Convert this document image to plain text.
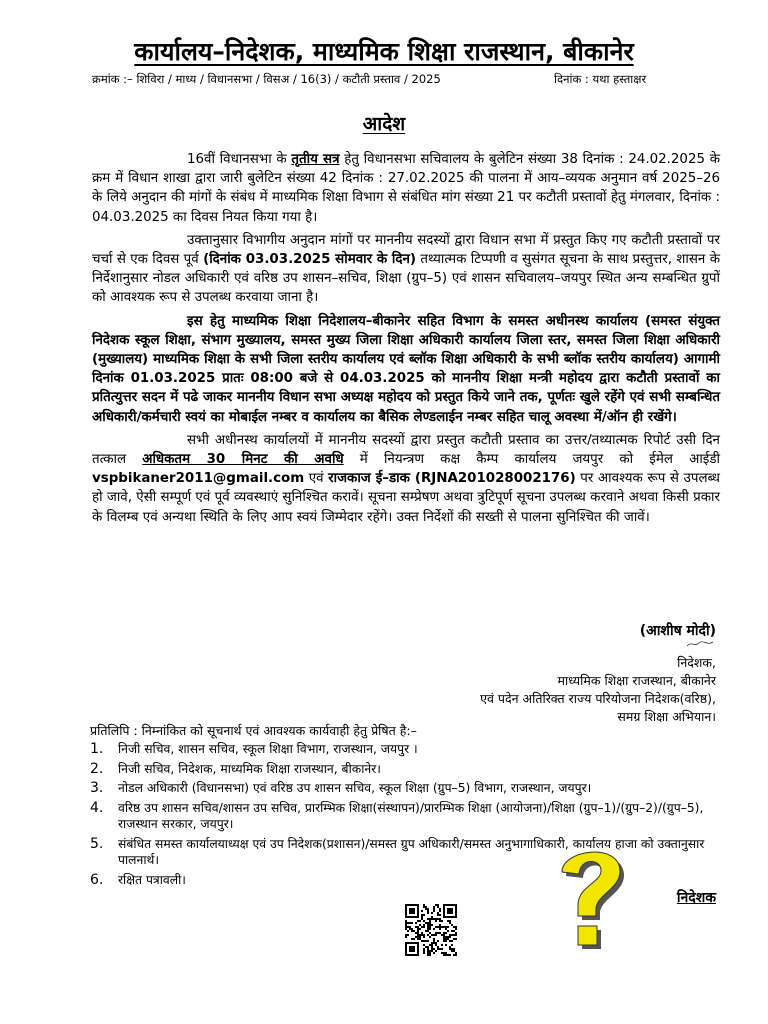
कार्यालय–निदेशक, माध्यमिक शिक्षा राजस्थान, बीकानेर
क्रमांक :– शिविरा / माध्य / विधानसभा / विसअ / 16(3) / कटौती प्रस्ताव / 2025	दिनांक : यथा हस्ताक्षर
आदेश

16वीं विधानसभा के तृतीय सत्र हेतु विधानसभा सचिवालय के बुलेटिन संख्या 38 दिनांक : 24.02.2025 के क्रम में विधान शाखा द्वारा जारी बुलेटिन संख्या 42 दिनांक : 27.02.2025 की पालना में आय–व्ययक अनुमान वर्ष 2025–26 के लिये अनुदान की मांगों के संबंध में माध्यमिक शिक्षा विभाग से संबंधित मांग संख्या 21 पर कटौती प्रस्तावों हेतु मंगलवार, दिनांक : 04.03.2025 का दिवस नियत किया गया है।

उक्तानुसार विभागीय अनुदान मांगों पर माननीय सदस्यों द्वारा विधान सभा में प्रस्तुत किए गए कटौती प्रस्तावों पर चर्चा से एक दिवस पूर्व (दिनांक 03.03.2025 सोमवार के दिन) तथ्यात्मक टिप्पणी व सुसंगत सूचना के साथ प्रस्तुत्तर, शासन के निर्देशानुसार नोडल अधिकारी एवं वरिष्ठ उप शासन–सचिव, शिक्षा (ग्रुप–5) एवं शासन सचिवालय–जयपुर स्थित अन्य सम्बन्धित ग्रुपों को आवश्यक रूप से उपलब्ध करवाया जाना है।

इस हेतु माध्यमिक शिक्षा निदेशालय–बीकानेर सहित विभाग के समस्त अधीनस्थ कार्यालय (समस्त संयुक्त निदेशक स्कूल शिक्षा, संभाग मुख्यालय, समस्त मुख्य जिला शिक्षा अधिकारी कार्यालय जिला स्तर, समस्त जिला शिक्षा अधिकारी (मुख्यालय) माध्यमिक शिक्षा के सभी जिला स्तरीय कार्यालय एवं ब्लॉक शिक्षा अधिकारी के सभी ब्लॉक स्तरीय कार्यालय) आगामी दिनांक 01.03.2025 प्रातः 08:00 बजे से 04.03.2025 को माननीय शिक्षा मन्त्री महोदय द्वारा कटौती प्रस्तावों का प्रतित्युत्तर सदन में पढे जाकर माननीय विधान सभा अध्यक्ष महोदय को प्रस्तुत किये जाने तक, पूर्णतः खुले रहेंगे एवं सभी सम्बन्धित अधिकारी/कर्मचारी स्वयं का मोबाईल नम्बर व कार्यालय का बैसिक लेण्डलाईन नम्बर सहित चालू अवस्था में/ऑन ही रखेंगे।

सभी अधीनस्थ कार्यालयों में माननीय सदस्यों द्वारा प्रस्तुत कटौती प्रस्ताव का उत्तर/तथ्यात्मक रिपोर्ट उसी दिन तत्काल अधिकतम 30 मिनट की अवधि में नियन्त्रण कक्ष कैम्प कार्यालय जयपुर को ईमेल आईडी vspbikaner2011@gmail.com एवं राजकाज ई–डाक (RJNA201028002176) पर आवश्यक रूप से उपलब्ध हो जावे, ऐसी सम्पूर्ण एवं पूर्व व्यवस्थाएं सुनिश्चित करावें। सूचना सम्प्रेषण अथवा त्रुटिपूर्ण सूचना उपलब्ध करवाने अथवा किसी प्रकार के विलम्ब एवं अन्यथा स्थिति के लिए आप स्वयं जिम्मेदार रहेंगे। उक्त निर्देशों की सख्ती से पालना सुनिश्चित की जावें।

(आशीष मोदी)
निदेशक,
माध्यमिक शिक्षा राजस्थान, बीकानेर
एवं पदेन अतिरिक्त राज्य परियोजना निदेशक(वरिष्ठ),
समग्र शिक्षा अभियान।
प्रतिलिपि : निम्नांकित को सूचनार्थ एवं आवश्यक कार्यवाही हेतु प्रेषित है:–
1. निजी सचिव, शासन सचिव, स्कूल शिक्षा विभाग, राजस्थान, जयपुर ।
2. निजी सचिव, निदेशक, माध्यमिक शिक्षा राजस्थान, बीकानेर।
3. नोडल अधिकारी (विधानसभा) एवं वरिष्ठ उप शासन सचिव, स्कूल शिक्षा (ग्रुप–5) विभाग, राजस्थान, जयपुर।
4. वरिष्ठ उप शासन सचिव/शासन उप सचिव, प्रारम्भिक शिक्षा(संस्थापन)/प्रारम्भिक शिक्षा (आयोजना)/शिक्षा (ग्रुप–1)/(ग्रुप–2)/(ग्रुप–5), राजस्थान सरकार, जयपुर।
5. संबंधित समस्त कार्यालयाध्यक्ष एवं उप निदेशक(प्रशासन)/समस्त ग्रुप अधिकारी/समस्त अनुभागाधिकारी, कार्यालय हाजा को उक्तानुसार पालनार्थ।
6. रक्षित पत्रावली।
निदेशक
